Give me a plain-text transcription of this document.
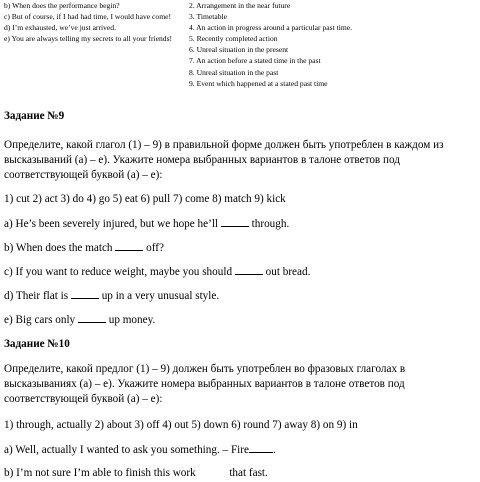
b) When does the performance begin?
c) But of course, if I had had time, I would have come!
d) I’m exhausted, we’ve just arrived.
e) You are always telling my secrets to all your friends!
2. Arrangement in the near future
3. Timetable
4. An action in progress around a particular past time.
5. Recently completed action
6. Unreal situation in the present
7. An action before a stated time in the past
8. Unreal situation in the past
9. Event which happened at a stated past time
Задание №9
Определите, какой глагол (1) – 9) в правильной форме должен быть употреблен в каждом из
высказываний (а) – е). Укажите номера выбранных вариантов в талоне ответов под
соответствующей буквой (а) – е):
1) cut 2) act 3) do 4) go 5) eat 6) pull 7) come 8) match 9) kick
a) He’s been severely injured, but we hope he’ll	through.
b) When does the match	off?
c) If you want to reduce weight, maybe you should	out bread.
d) Their flat is	up in a very unusual style.
e) Big cars only	up money.
Задание №10
Определите, какой предлог (1) – 9) должен быть употреблен во фразовых глаголах в
высказываниях (а) – е). Укажите номера выбранных вариантов в талоне ответов под
соответствующей буквой (а) – е):
1) through, actually 2) about 3) off 4) out 5) down 6) round 7) away 8) on 9) in
a) Well, actually I wanted to ask you something. – Fire .
b) I’m not sure I’m able to finish this work	that fast.
